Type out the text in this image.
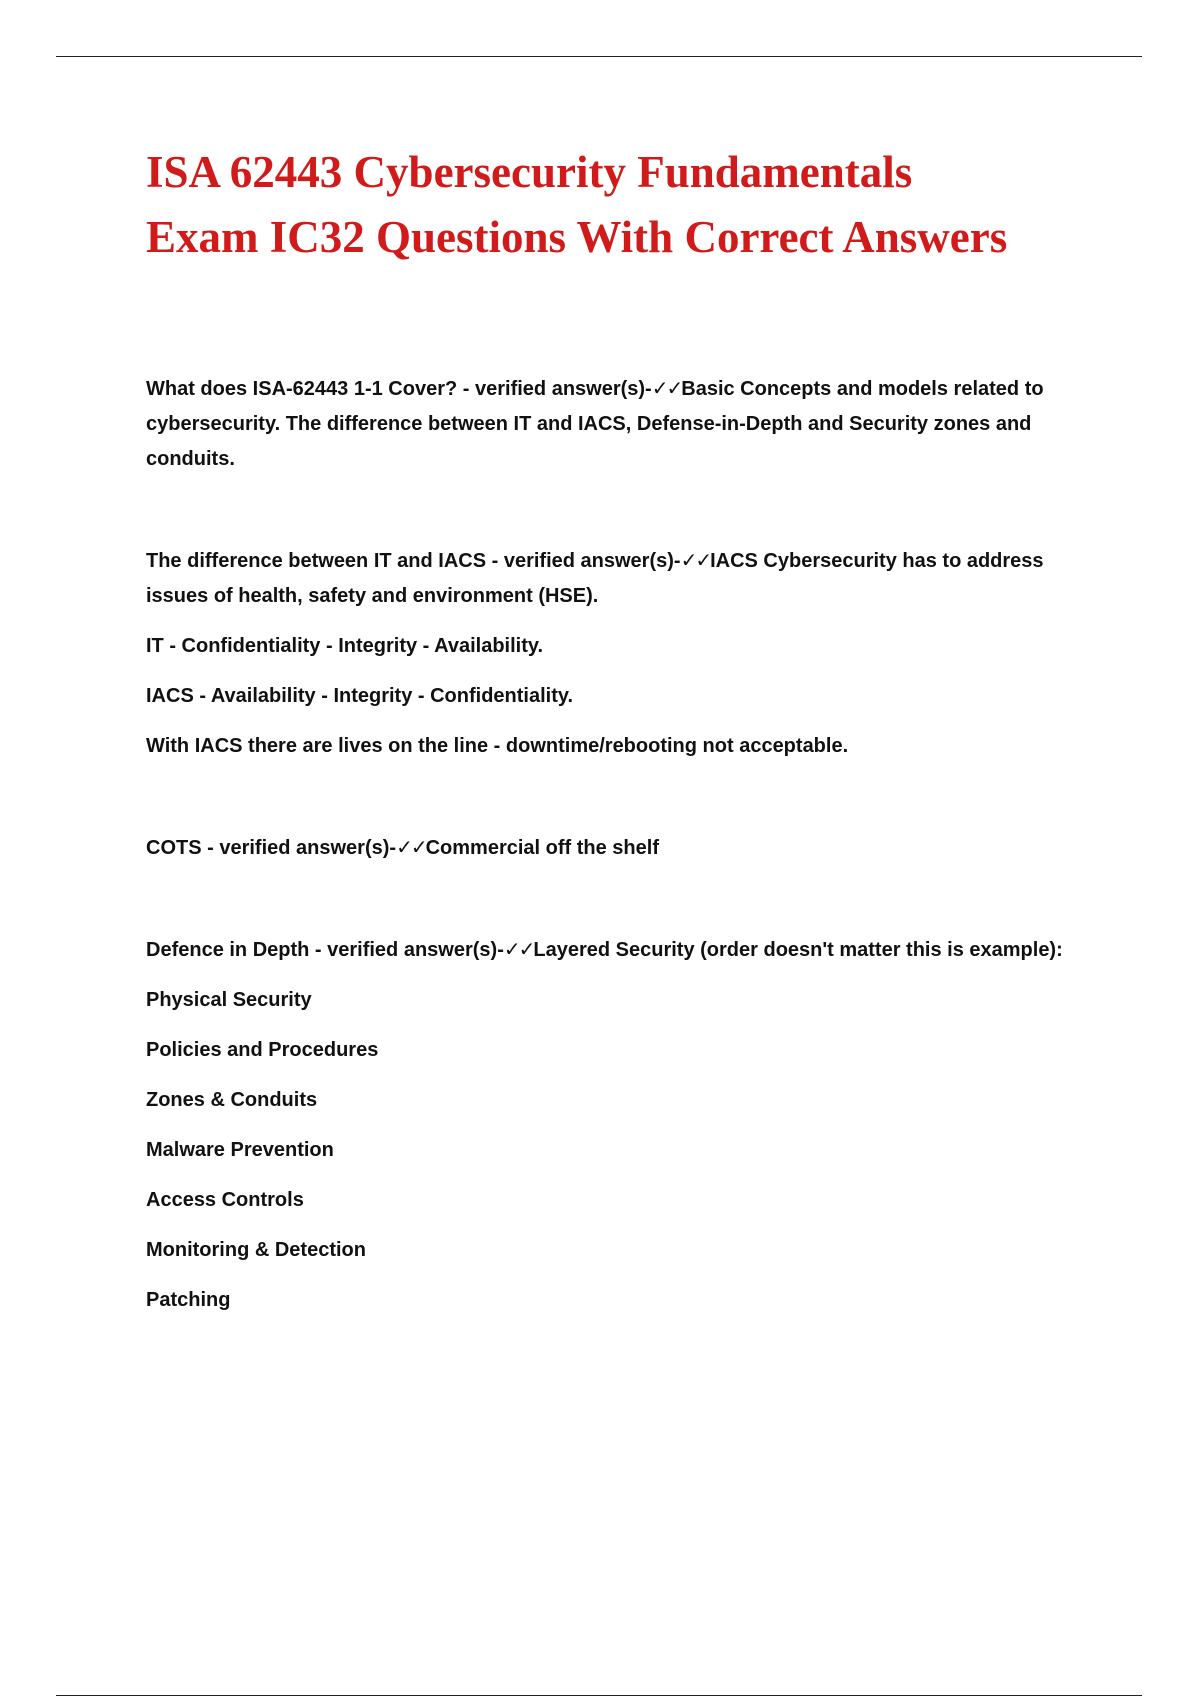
ISA 62443 Cybersecurity Fundamentals
Exam IC32 Questions With Correct Answers

What does ISA-62443 1-1 Cover? - verified answer(s)-✓✓Basic Concepts and models related to cybersecurity. The difference between IT and IACS, Defense-in-Depth and Security zones and conduits.

The difference between IT and IACS - verified answer(s)-✓✓IACS Cybersecurity has to address issues of health, safety and environment (HSE).

IT - Confidentiality - Integrity - Availability.

IACS - Availability - Integrity - Confidentiality.

With IACS there are lives on the line - downtime/rebooting not acceptable.

COTS - verified answer(s)-✓✓Commercial off the shelf

Defence in Depth - verified answer(s)-✓✓Layered Security (order doesn't matter this is example):

Physical Security

Policies and Procedures

Zones & Conduits

Malware Prevention

Access Controls

Monitoring & Detection

Patching
